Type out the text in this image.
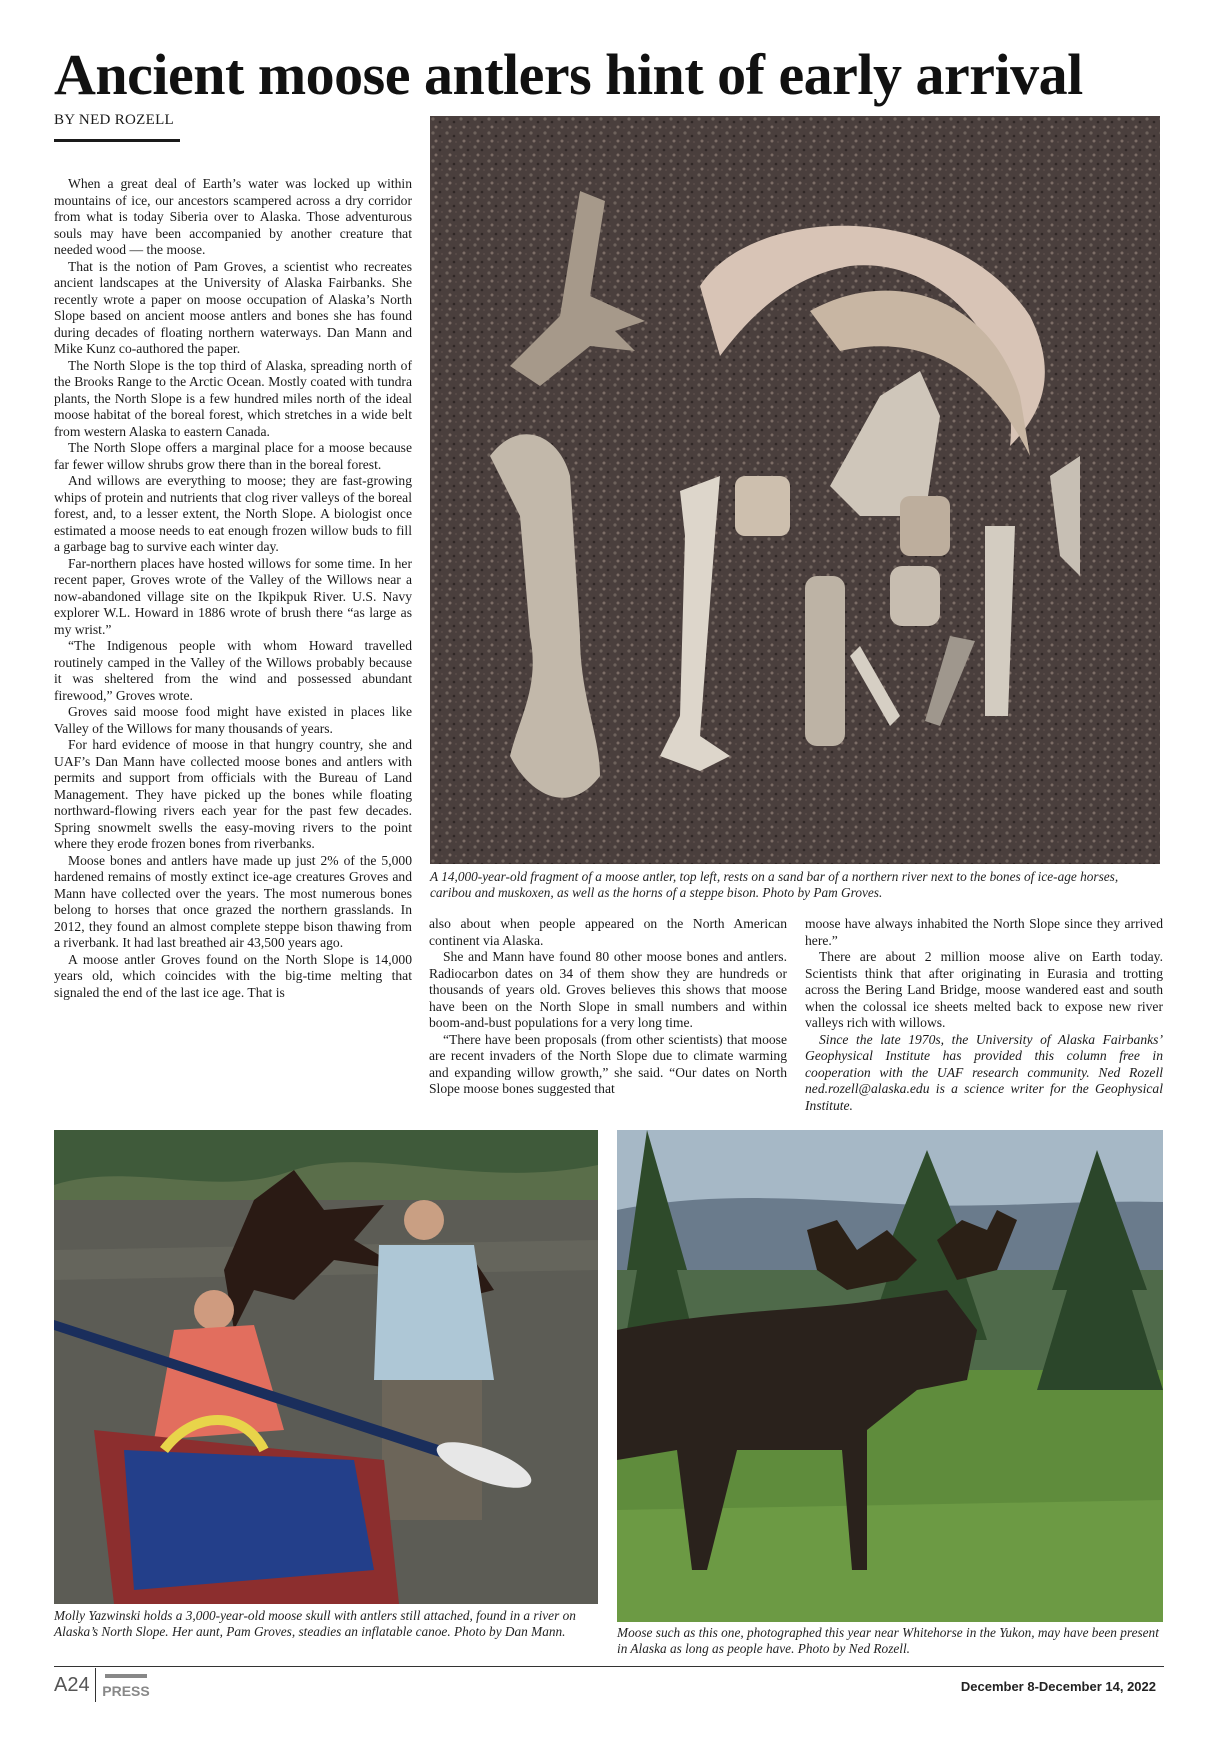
Ancient moose antlers hint of early arrival
BY NED ROZELL

When a great deal of Earth’s water was locked up within mountains of ice, our ancestors scampered across a dry corridor from what is today Siberia over to Alaska. Those adventurous souls may have been accompanied by another creature that needed wood — the moose.

That is the notion of Pam Groves, a scientist who recreates ancient landscapes at the University of Alaska Fairbanks. She recently wrote a paper on moose occupation of Alaska’s North Slope based on ancient moose antlers and bones she has found during decades of floating northern waterways. Dan Mann and Mike Kunz co-authored the paper.

The North Slope is the top third of Alaska, spreading north of the Brooks Range to the Arctic Ocean. Mostly coated with tundra plants, the North Slope is a few hundred miles north of the ideal moose habitat of the boreal forest, which stretches in a wide belt from western Alaska to eastern Canada.

The North Slope offers a marginal place for a moose because far fewer willow shrubs grow there than in the boreal forest.

And willows are everything to moose; they are fast-growing whips of protein and nutrients that clog river valleys of the boreal forest, and, to a lesser extent, the North Slope. A biologist once estimated a moose needs to eat enough frozen willow buds to fill a garbage bag to survive each winter day.

Far-northern places have hosted willows for some time. In her recent paper, Groves wrote of the Valley of the Willows near a now-abandoned village site on the Ikpikpuk River. U.S. Navy explorer W.L. Howard in 1886 wrote of brush there “as large as my wrist.”

“The Indigenous people with whom Howard travelled routinely camped in the Valley of the Willows probably because it was sheltered from the wind and possessed abundant firewood,” Groves wrote.

Groves said moose food might have existed in places like Valley of the Willows for many thousands of years.

For hard evidence of moose in that hungry country, she and UAF’s Dan Mann have collected moose bones and antlers with permits and support from officials with the Bureau of Land Management. They have picked up the bones while floating northward-flowing rivers each year for the past few decades. Spring snowmelt swells the easy-moving rivers to the point where they erode frozen bones from riverbanks.

Moose bones and antlers have made up just 2% of the 5,000 hardened remains of mostly extinct ice-age creatures Groves and Mann have collected over the years. The most numerous bones belong to horses that once grazed the northern grasslands. In 2012, they found an almost complete steppe bison thawing from a riverbank. It had last breathed air 43,500 years ago.

A moose antler Groves found on the North Slope is 14,000 years old, which coincides with the big-time melting that signaled the end of the last ice age. That is

A 14,000-year-old fragment of a moose antler, top left, rests on a sand bar of a northern river next to the bones of ice-age horses, caribou and muskoxen, as well as the horns of a steppe bison. Photo by Pam Groves.

also about when people appeared on the North American continent via Alaska.

She and Mann have found 80 other moose bones and antlers. Radiocarbon dates on 34 of them show they are hundreds or thousands of years old. Groves believes this shows that moose have been on the North Slope in small numbers and within boom-and-bust populations for a very long time.

“There have been proposals (from other scientists) that moose are recent invaders of the North Slope due to climate warming and expanding willow growth,” she said. “Our dates on North Slope moose bones suggested that

moose have always inhabited the North Slope since they arrived here.”

There are about 2 million moose alive on Earth today. Scientists think that after originating in Eurasia and trotting across the Bering Land Bridge, moose wandered east and south when the colossal ice sheets melted back to expose new river valleys rich with willows.

Since the late 1970s, the University of Alaska Fairbanks’ Geophysical Institute has provided this column free in cooperation with the UAF research community. Ned Rozell ned.rozell@alaska.edu is a science writer for the Geophysical Institute.

Molly Yazwinski holds a 3,000-year-old moose skull with antlers still attached, found in a river on Alaska’s North Slope. Her aunt, Pam Groves, steadies an inflatable canoe. Photo by Dan Mann.	Moose such as this one, photographed this year near Whitehorse in the Yukon, may have been present in Alaska as long as people have. Photo by Ned Rozell.
A24 PRESS	December 8-December 14, 2022
